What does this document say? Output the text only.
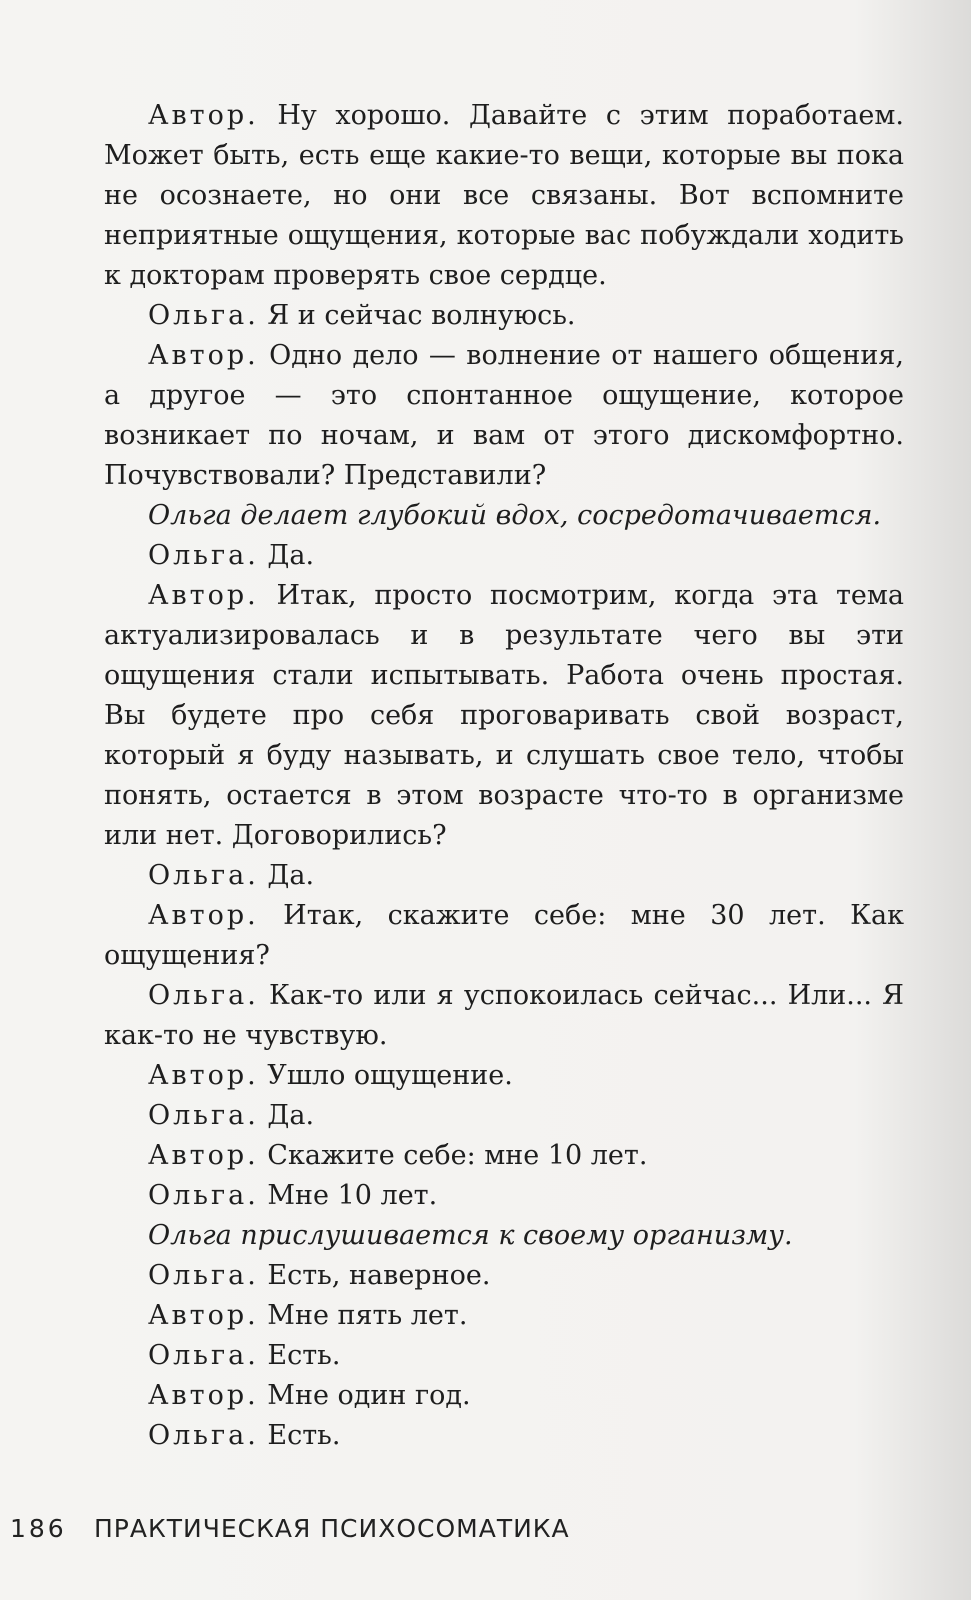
Автор. Ну хорошо. Давайте с этим поработаем. Может быть, есть еще какие-то вещи, которые вы пока не осознаете, но они все связаны. Вот вспомните неприятные ощущения, которые вас побуждали ходить к докторам проверять свое сердце.

Ольга. Я и сейчас волнуюсь.

Автор. Одно дело — волнение от нашего общения, а другое — это спонтанное ощущение, которое возникает по ночам, и вам от этого дискомфортно. Почувствовали? Представили?

Ольга делает глубокий вдох, сосредотачивается.

Ольга. Да.

Автор. Итак, просто посмотрим, когда эта тема актуализировалась и в результате чего вы эти ощущения стали испытывать. Работа очень простая. Вы будете про себя проговаривать свой возраст, который я буду называть, и слушать свое тело, чтобы понять, остается в этом возрасте что-то в организме или нет. Договорились?

Ольга. Да.

Автор. Итак, скажите себе: мне 30 лет. Как ощущения?

Ольга. Как-то или я успокоилась сейчас... Или... Я как-то не чувствую.

Автор. Ушло ощущение.

Ольга. Да.

Автор. Скажите себе: мне 10 лет.

Ольга. Мне 10 лет.

Ольга прислушивается к своему организму.

Ольга. Есть, наверное.

Автор. Мне пять лет.

Ольга. Есть.

Автор. Мне один год.

Ольга. Есть.

186 ПРАКТИЧЕСКАЯ ПСИХОСОМАТИКА
